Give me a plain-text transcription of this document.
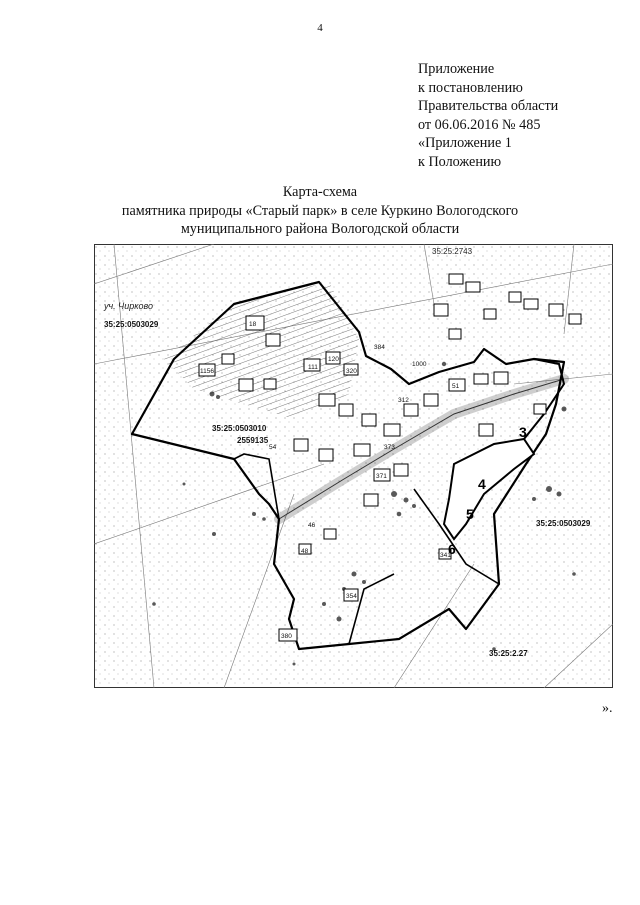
4
Приложение
к постановлению
Правительства области
от 06.06.2016 № 485
«Приложение 1
к Положению
Карта-схема
памятника природы «Старый парк» в селе Куркино Вологодского
муниципального района Вологодской области
уч. Чирково
35:25:0503029
35:25:0503010
2559135
35:25:0503029
35:25:2.27
35:25:2743
3
4
5
6
18
111
120
320
384
312
1000
51
373
54
371
46
48
354
341
380
1156
».
